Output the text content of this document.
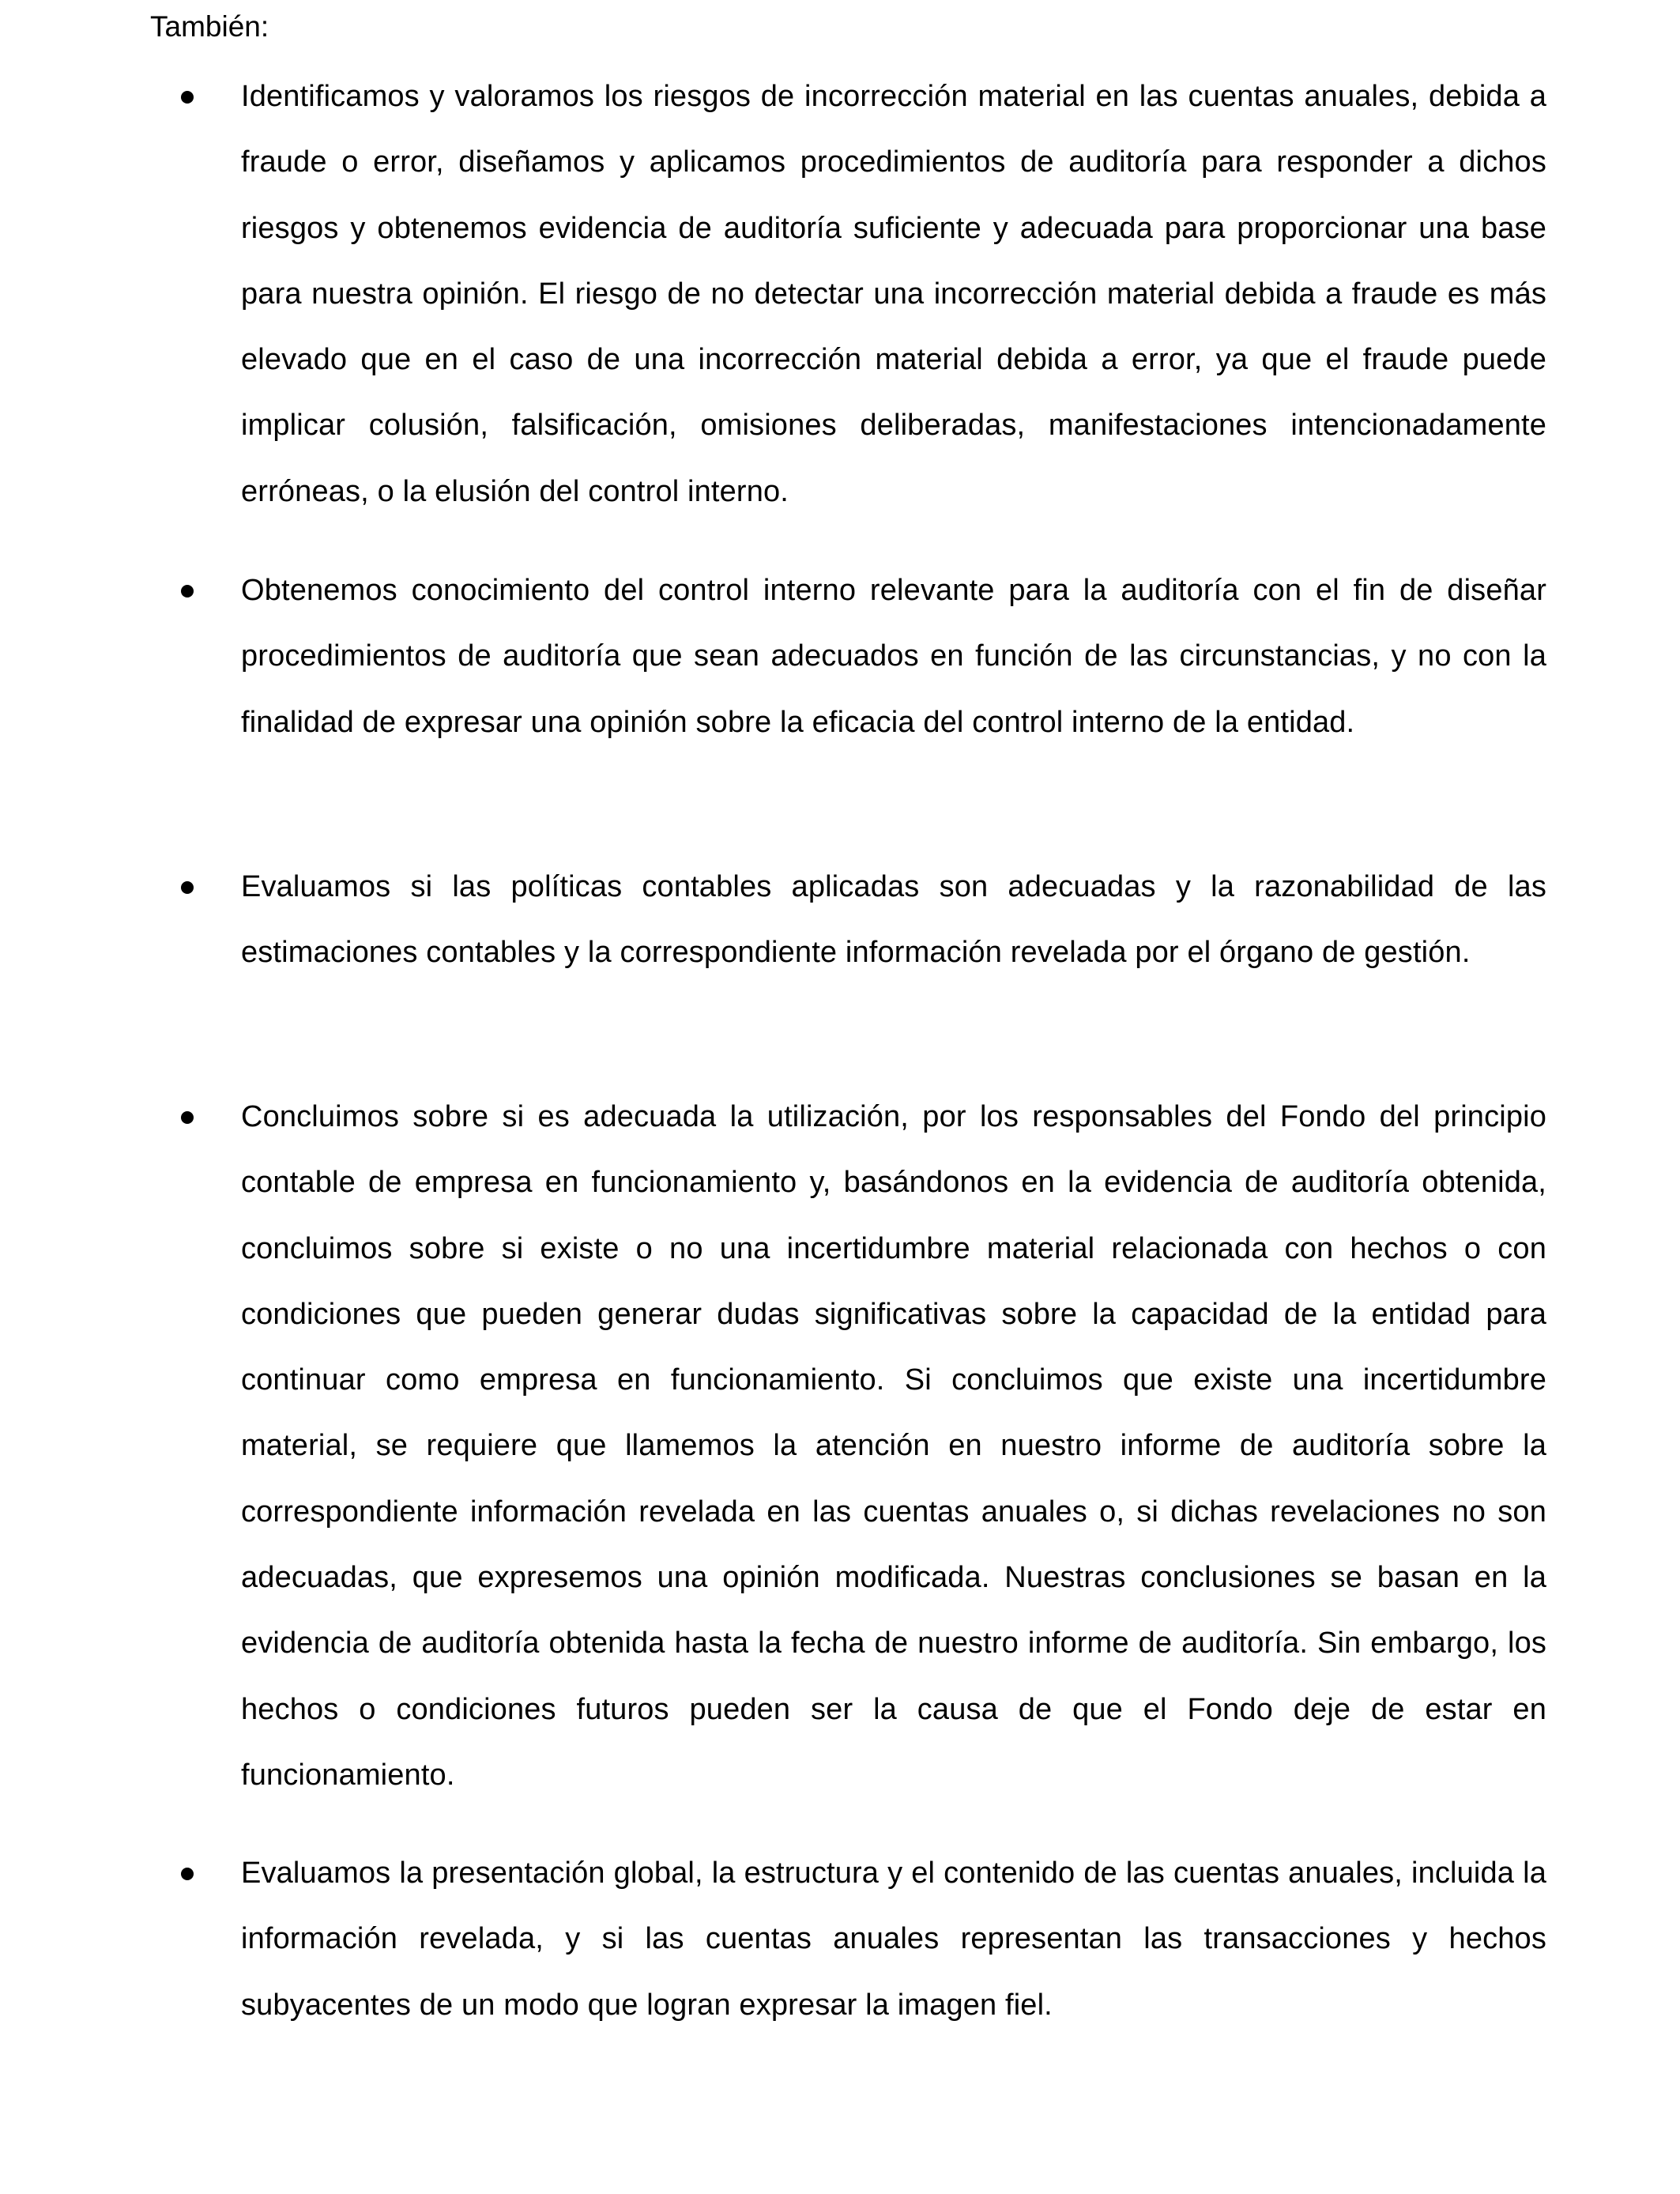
También:

Identificamos y valoramos los riesgos de incorrección material en las cuentas anuales, debida a fraude o error, diseñamos y aplicamos procedimientos de auditoría para responder a dichos riesgos y obtenemos evidencia de auditoría suficiente y adecuada para proporcionar una base para nuestra opinión. El riesgo de no detectar una incorrección material debida a fraude es más elevado que en el caso de una incorrección material debida a error, ya que el fraude puede implicar colusión, falsificación, omisiones deliberadas, manifestaciones intencionadamente erróneas, o la elusión del control interno.

Obtenemos conocimiento del control interno relevante para la auditoría con el fin de diseñar procedimientos de auditoría que sean adecuados en función de las circunstancias, y no con la finalidad de expresar una opinión sobre la eficacia del control interno de la entidad.

Evaluamos si las políticas contables aplicadas son adecuadas y la razonabilidad de las estimaciones contables y la correspondiente información revelada por el órgano de gestión.

Concluimos sobre si es adecuada la utilización, por los responsables del Fondo del principio contable de empresa en funcionamiento y, basándonos en la evidencia de auditoría obtenida, concluimos sobre si existe o no una incertidumbre material relacionada con hechos o con condiciones que pueden generar dudas significativas sobre la capacidad de la entidad para continuar como empresa en funcionamiento. Si concluimos que existe una incertidumbre material, se requiere que llamemos la atención en nuestro informe de auditoría sobre la correspondiente información revelada en las cuentas anuales o, si dichas revelaciones no son adecuadas, que expresemos una opinión modificada. Nuestras conclusiones se basan en la evidencia de auditoría obtenida hasta la fecha de nuestro informe de auditoría. Sin embargo, los hechos o condiciones futuros pueden ser la causa de que el Fondo deje de estar en funcionamiento.

Evaluamos la presentación global, la estructura y el contenido de las cuentas anuales, incluida la información revelada, y si las cuentas anuales representan las transacciones y hechos subyacentes de un modo que logran expresar la imagen fiel.
